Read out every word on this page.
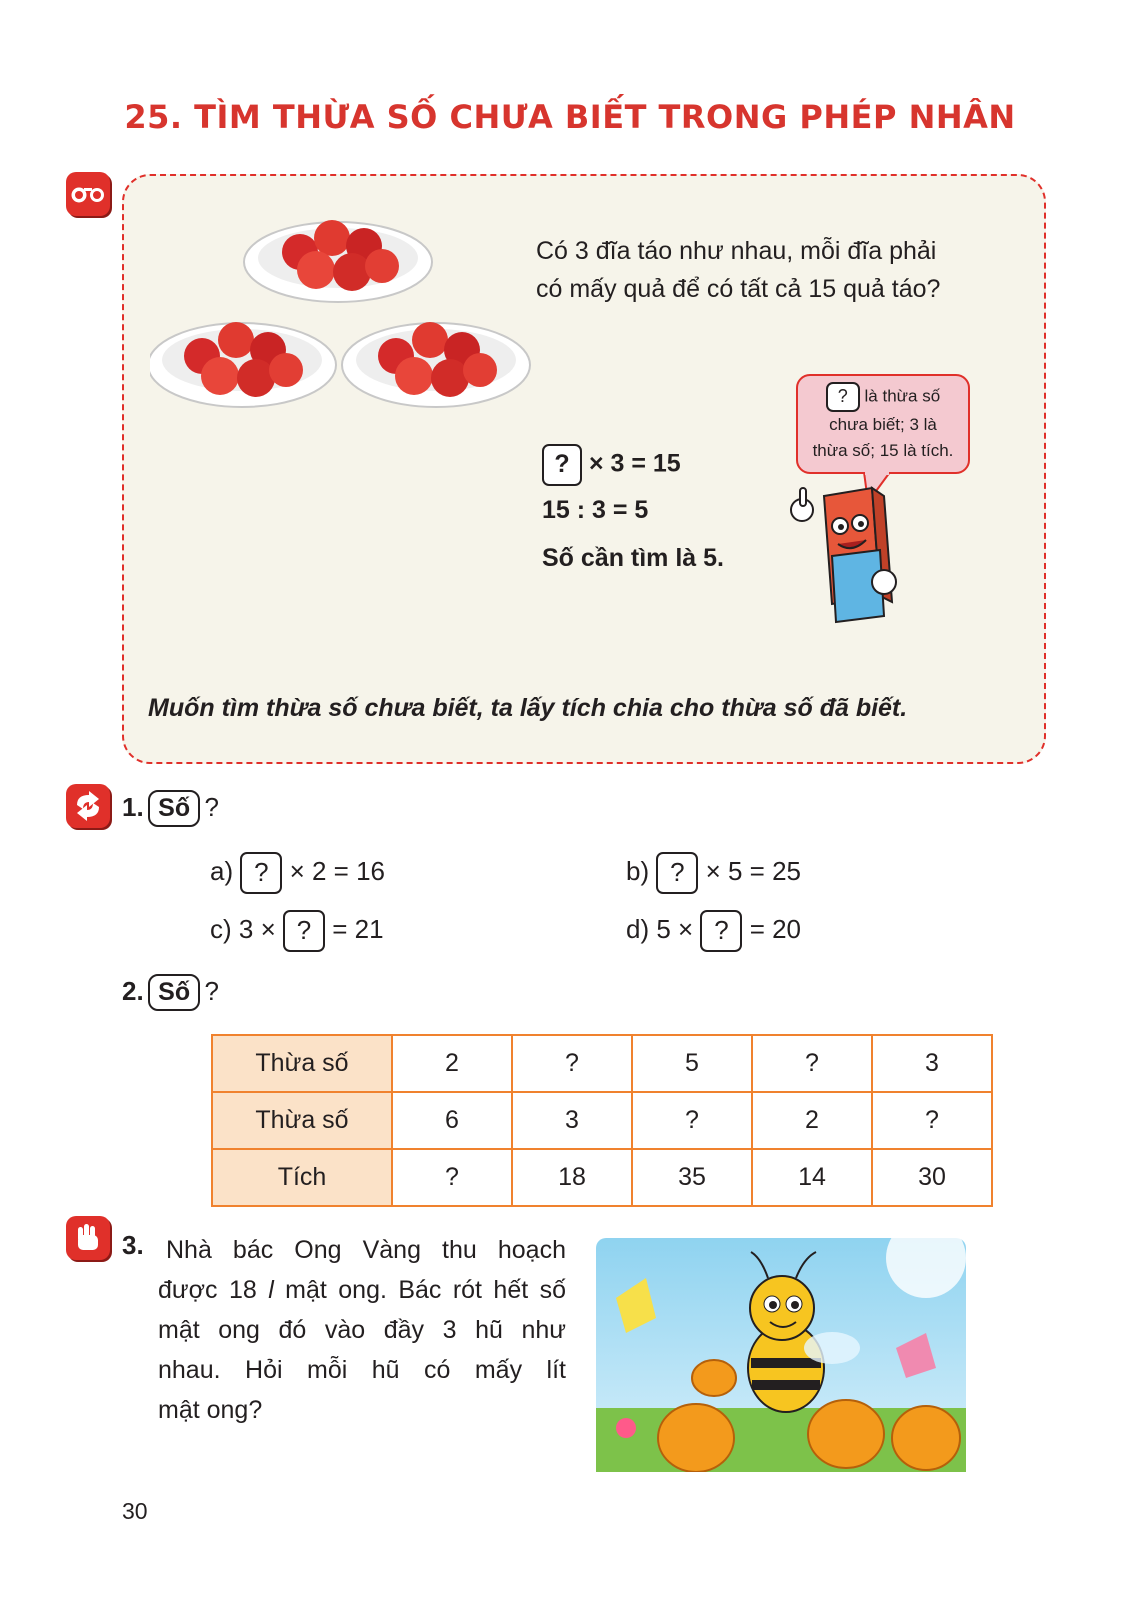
25. TÌM THỪA SỐ CHƯA BIẾT TRONG PHÉP NHÂN
Có 3 đĩa táo như nhau, mỗi đĩa phải
có mấy quả để có tất cả 15 quả táo?
? là thừa số
chưa biết; 3 là
thừa số; 15 là tích.
? × 3 = 15
15 : 3 = 5
Số cần tìm là 5.
Muốn tìm thừa số chưa biết, ta lấy tích chia cho thừa số đã biết.
1. Số ?
a) ? × 2 = 16	b) ? × 5 = 25
c) 3 × ? = 21	d) 5 × ? = 20
2. Số ?
Thừa số	2	?	5	?	3
Thừa số	6	3	?	2	?
Tích	?	18	35	14	30
3. Nhà bác Ong Vàng thu hoạch
được 18 l mật ong. Bác rót hết số
mật ong đó vào đầy 3 hũ như
nhau. Hỏi mỗi hũ có mấy lít
mật ong?
30
